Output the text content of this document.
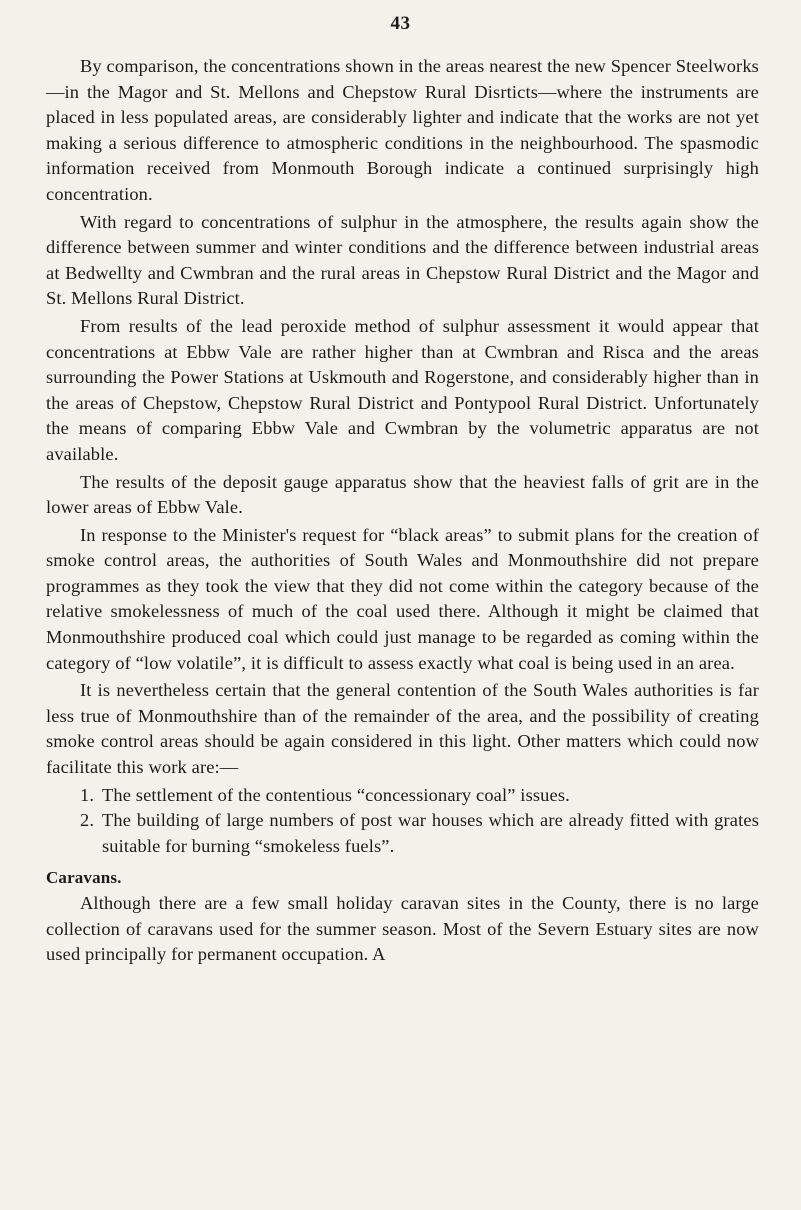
43

By comparison, the concentrations shown in the areas nearest the new Spencer Steelworks—in the Magor and St. Mellons and Chepstow Rural Disrticts—where the instruments are placed in less populated areas, are considerably lighter and indicate that the works are not yet making a serious difference to atmospheric conditions in the neighbourhood. The spasmodic information received from Monmouth Borough indicate a continued surprisingly high concentration.

With regard to concentrations of sulphur in the atmosphere, the results again show the difference between summer and winter conditions and the difference between industrial areas at Bedwellty and Cwmbran and the rural areas in Chepstow Rural District and the Magor and St. Mellons Rural District.

From results of the lead peroxide method of sulphur assessment it would appear that concentrations at Ebbw Vale are rather higher than at Cwmbran and Risca and the areas surrounding the Power Stations at Uskmouth and Rogerstone, and considerably higher than in the areas of Chepstow, Chepstow Rural District and Pontypool Rural District. Unfortunately the means of comparing Ebbw Vale and Cwmbran by the volumetric apparatus are not available.

The results of the deposit gauge apparatus show that the heaviest falls of grit are in the lower areas of Ebbw Vale.

In response to the Minister's request for “black areas” to submit plans for the creation of smoke control areas, the authorities of South Wales and Monmouthshire did not prepare programmes as they took the view that they did not come within the category because of the relative smokelessness of much of the coal used there. Although it might be claimed that Monmouthshire produced coal which could just manage to be regarded as coming within the category of “low volatile”, it is difficult to assess exactly what coal is being used in an area.

It is nevertheless certain that the general contention of the South Wales authorities is far less true of Monmouthshire than of the remainder of the area, and the possibility of creating smoke control areas should be again considered in this light. Other matters which could now facilitate this work are:—

1. The settlement of the contentious “concessionary coal” issues.
2. The building of large numbers of post war houses which are already fitted with grates suitable for burning “smokeless fuels”.
Caravans.

Although there are a few small holiday caravan sites in the County, there is no large collection of caravans used for the summer season. Most of the Severn Estuary sites are now used principally for permanent occupation. A
